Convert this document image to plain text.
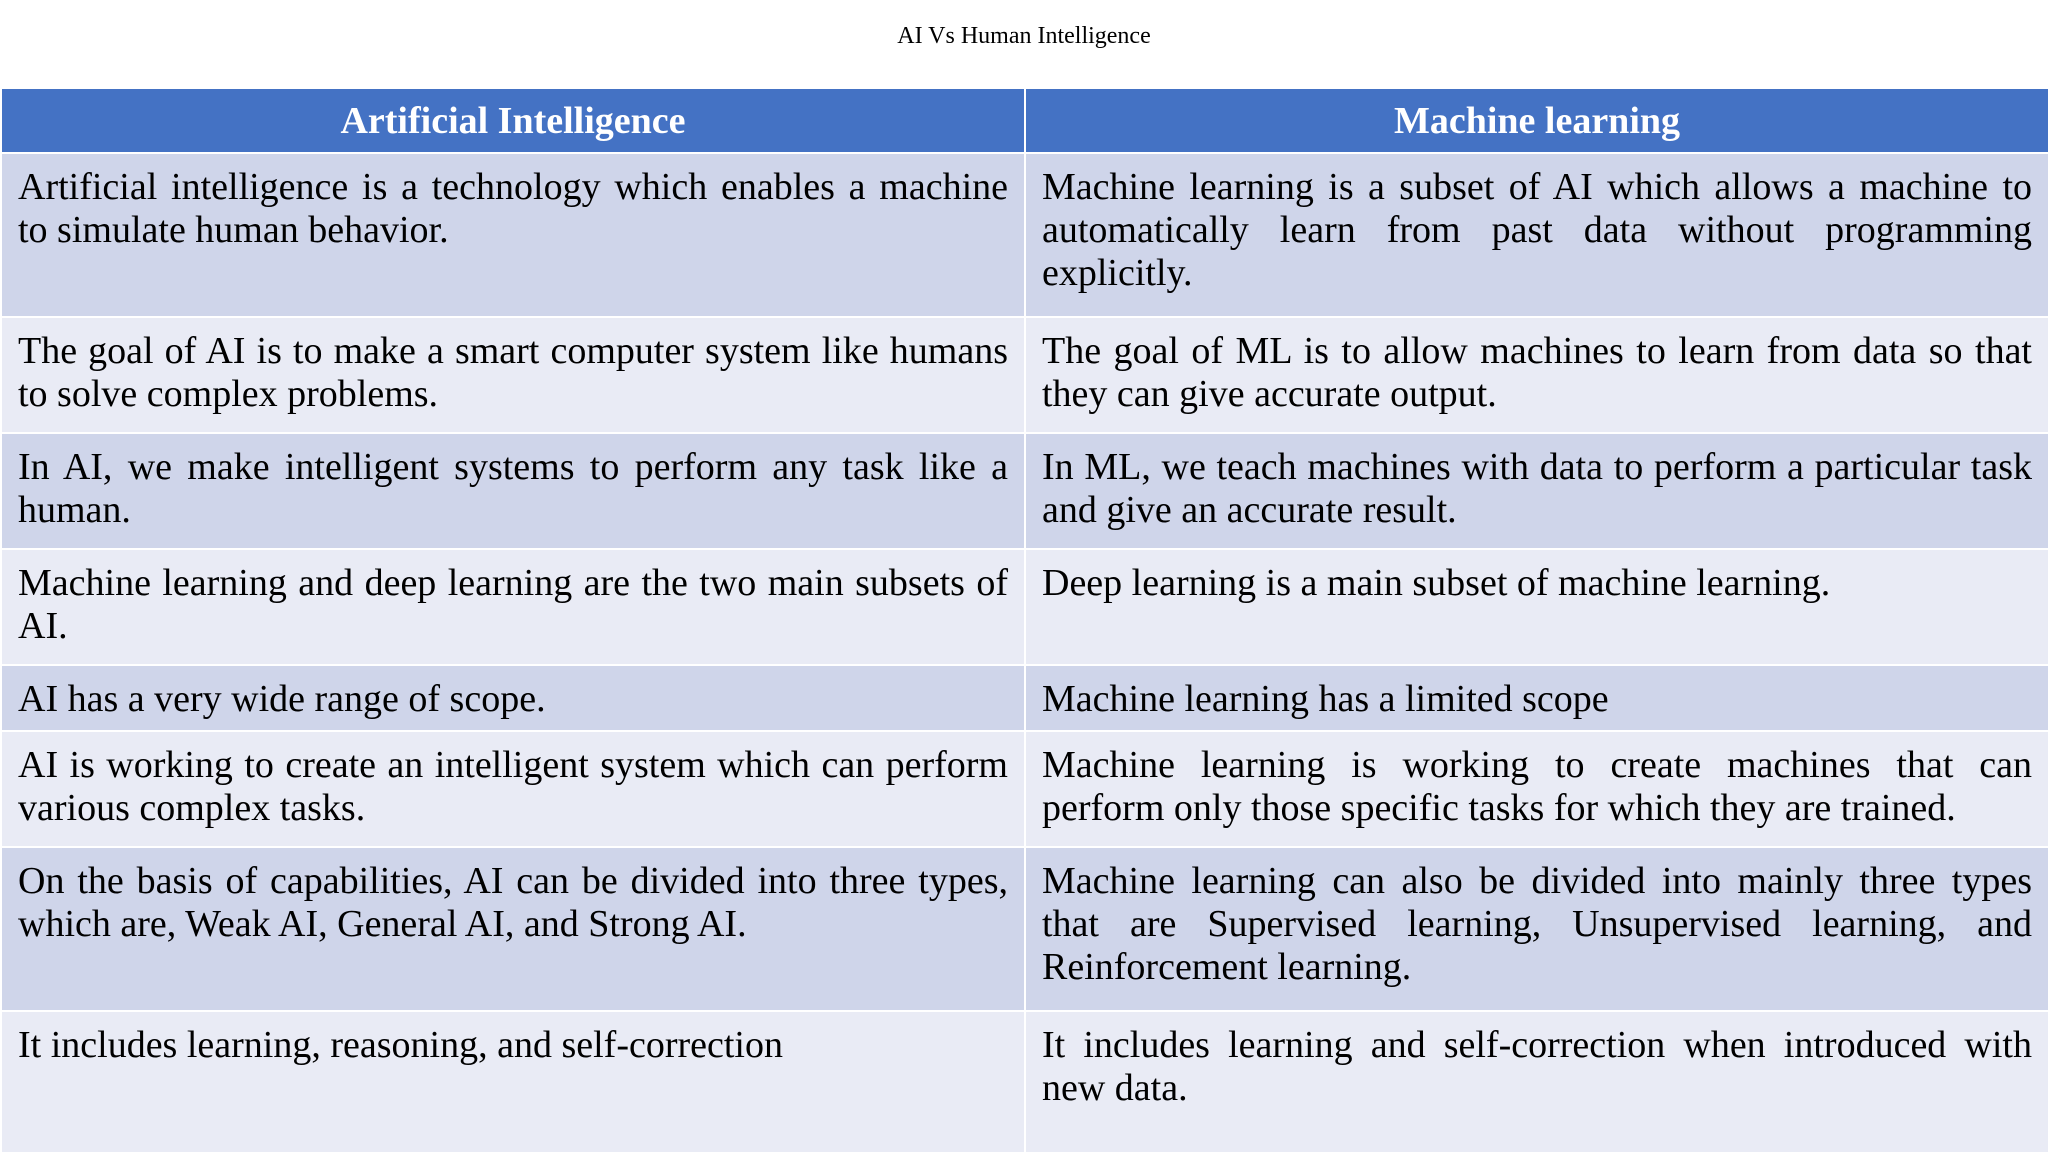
AI Vs Human Intelligence
Artificial Intelligence	Machine learning
Artificial intelligence is a technology which enables a machine to simulate human behavior.	Machine learning is a subset of AI which allows a machine to automatically learn from past data without programming explicitly.
The goal of AI is to make a smart computer system like humans to solve complex problems.	The goal of ML is to allow machines to learn from data so that they can give accurate output.
In AI, we make intelligent systems to perform any task like a human.	In ML, we teach machines with data to perform a particular task and give an accurate result.
Machine learning and deep learning are the two main subsets of AI.	Deep learning is a main subset of machine learning.
AI has a very wide range of scope.	Machine learning has a limited scope
AI is working to create an intelligent system which can perform various complex tasks.	Machine learning is working to create machines that can perform only those specific tasks for which they are trained.
On the basis of capabilities, AI can be divided into three types, which are, Weak AI, General AI, and Strong AI.	Machine learning can also be divided into mainly three types that are Supervised learning, Unsupervised learning, and Reinforcement learning.
It includes learning, reasoning, and self-correction	It includes learning and self-correction when introduced with new data.
